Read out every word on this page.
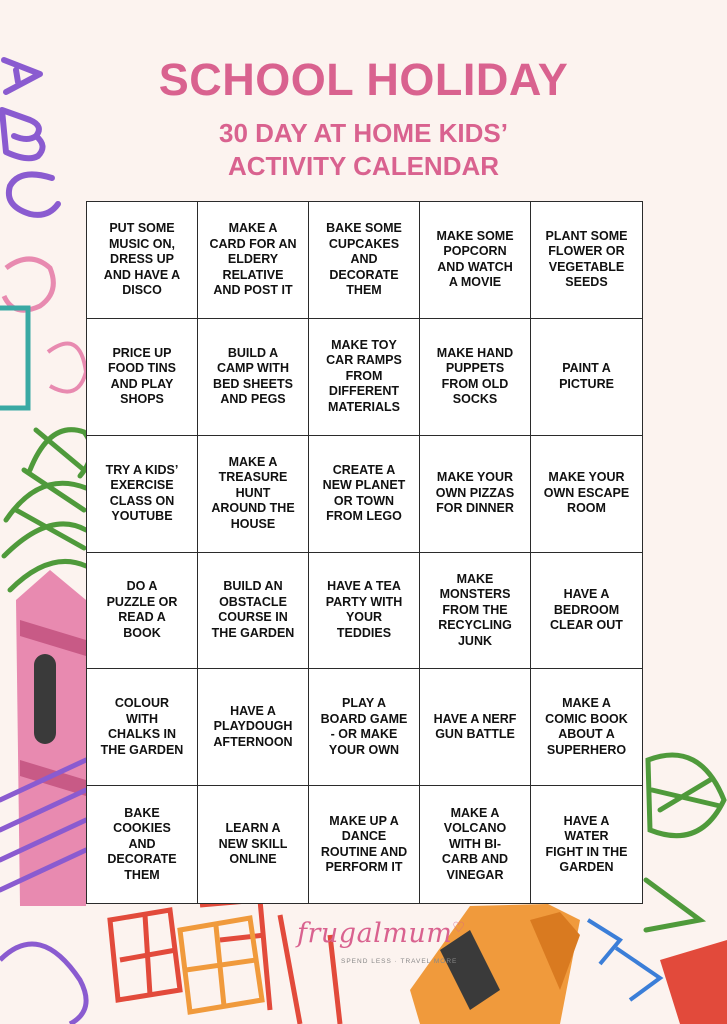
SCHOOL HOLIDAY
30 DAY AT HOME KIDS’
ACTIVITY CALENDAR
PUT SOME
MUSIC ON,
DRESS UP
AND HAVE A
DISCO
MAKE A
CARD FOR AN
ELDERY
RELATIVE
AND POST IT
BAKE SOME
CUPCAKES
AND
DECORATE
THEM
MAKE SOME
POPCORN
AND WATCH
A MOVIE
PLANT SOME
FLOWER OR
VEGETABLE
SEEDS
PRICE UP
FOOD TINS
AND PLAY
SHOPS
BUILD A
CAMP WITH
BED SHEETS
AND PEGS
MAKE TOY
CAR RAMPS
FROM
DIFFERENT
MATERIALS
MAKE HAND
PUPPETS
FROM OLD
SOCKS
PAINT A
PICTURE
TRY A KIDS’
EXERCISE
CLASS ON
YOUTUBE
MAKE A
TREASURE
HUNT
AROUND THE
HOUSE
CREATE A
NEW PLANET
OR TOWN
FROM LEGO
MAKE YOUR
OWN PIZZAS
FOR DINNER
MAKE YOUR
OWN ESCAPE
ROOM
DO A
PUZZLE OR
READ A
BOOK
BUILD AN
OBSTACLE
COURSE IN
THE GARDEN
HAVE A TEA
PARTY WITH
YOUR
TEDDIES
MAKE
MONSTERS
FROM THE
RECYCLING
JUNK
HAVE A
BEDROOM
CLEAR OUT
COLOUR
WITH
CHALKS IN
THE GARDEN
HAVE A
PLAYDOUGH
AFTERNOON
PLAY A
BOARD GAME
- OR MAKE
YOUR OWN
HAVE A NERF
GUN BATTLE
MAKE A
COMIC BOOK
ABOUT A
SUPERHERO
BAKE
COOKIES
AND
DECORATE
THEM
LEARN A
NEW SKILL
ONLINE
MAKE UP A
DANCE
ROUTINE AND
PERFORM IT
MAKE A
VOLCANO
WITH BI-
CARB AND
VINEGAR
HAVE A
WATER
FIGHT IN THE
GARDEN
frugalmum♡
SPEND LESS · TRAVEL MORE
